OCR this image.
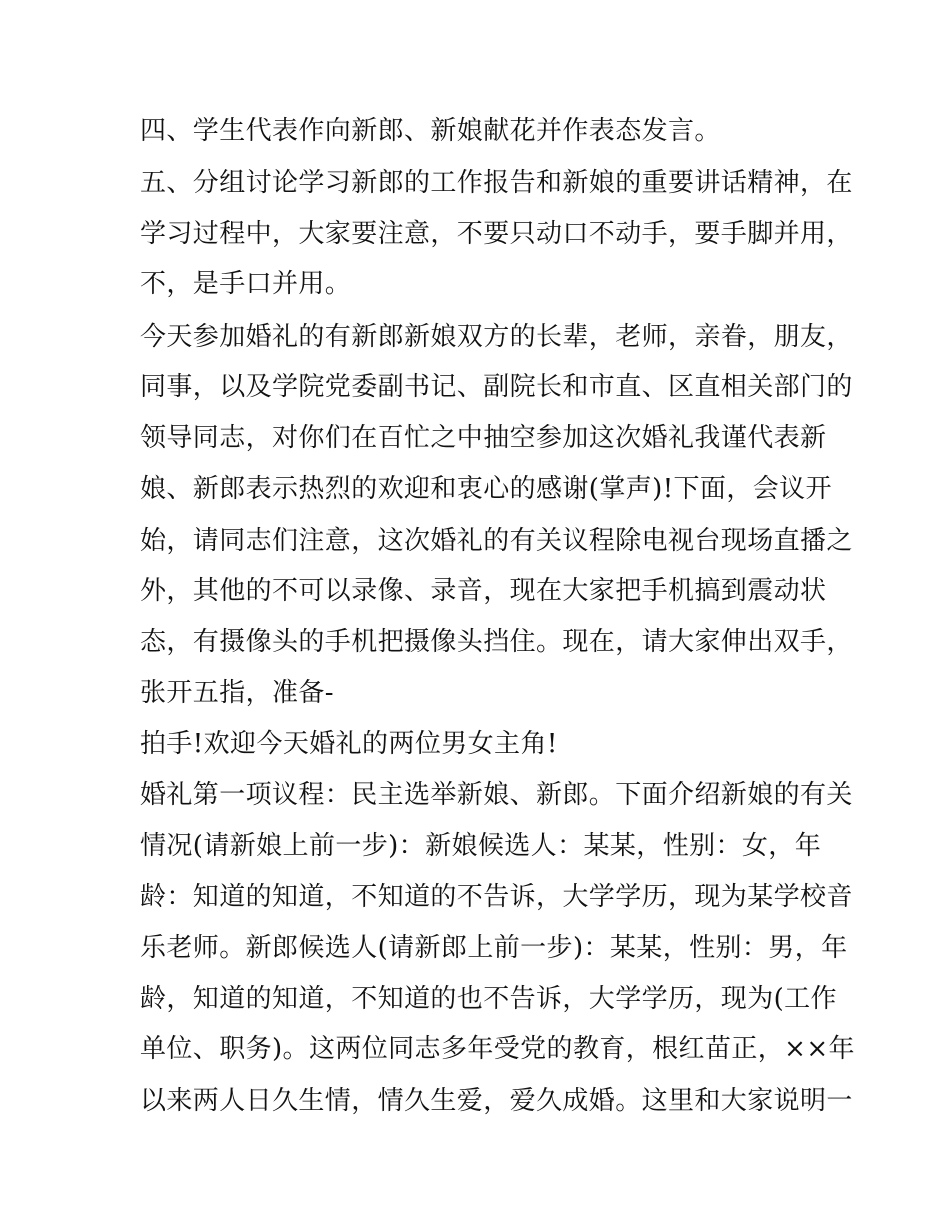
四、学生代表作向新郎、新娘献花并作表态发言。
五、分组讨论学习新郎的工作报告和新娘的重要讲话精神，在
学习过程中，大家要注意，不要只动口不动手，要手脚并用，
不，是手口并用。
今天参加婚礼的有新郎新娘双方的长辈，老师，亲眷，朋友，
同事，以及学院党委副书记、副院长和市直、区直相关部门的
领导同志，对你们在百忙之中抽空参加这次婚礼我谨代表新
娘、新郎表示热烈的欢迎和衷心的感谢(掌声)!下面，会议开
始，请同志们注意，这次婚礼的有关议程除电视台现场直播之
外，其他的不可以录像、录音，现在大家把手机搞到震动状
态，有摄像头的手机把摄像头挡住。现在，请大家伸出双手，
张开五指，准备-
拍手!欢迎今天婚礼的两位男女主角!
婚礼第一项议程：民主选举新娘、新郎。下面介绍新娘的有关
情况(请新娘上前一步)：新娘候选人：某某，性别：女，年
龄：知道的知道，不知道的不告诉，大学学历，现为某学校音
乐老师。新郎候选人(请新郎上前一步)：某某，性别：男，年
龄，知道的知道，不知道的也不告诉，大学学历，现为(工作
单位、职务)。这两位同志多年受党的教育，根红苗正，××年
以来两人日久生情，情久生爱，爱久成婚。这里和大家说明一
